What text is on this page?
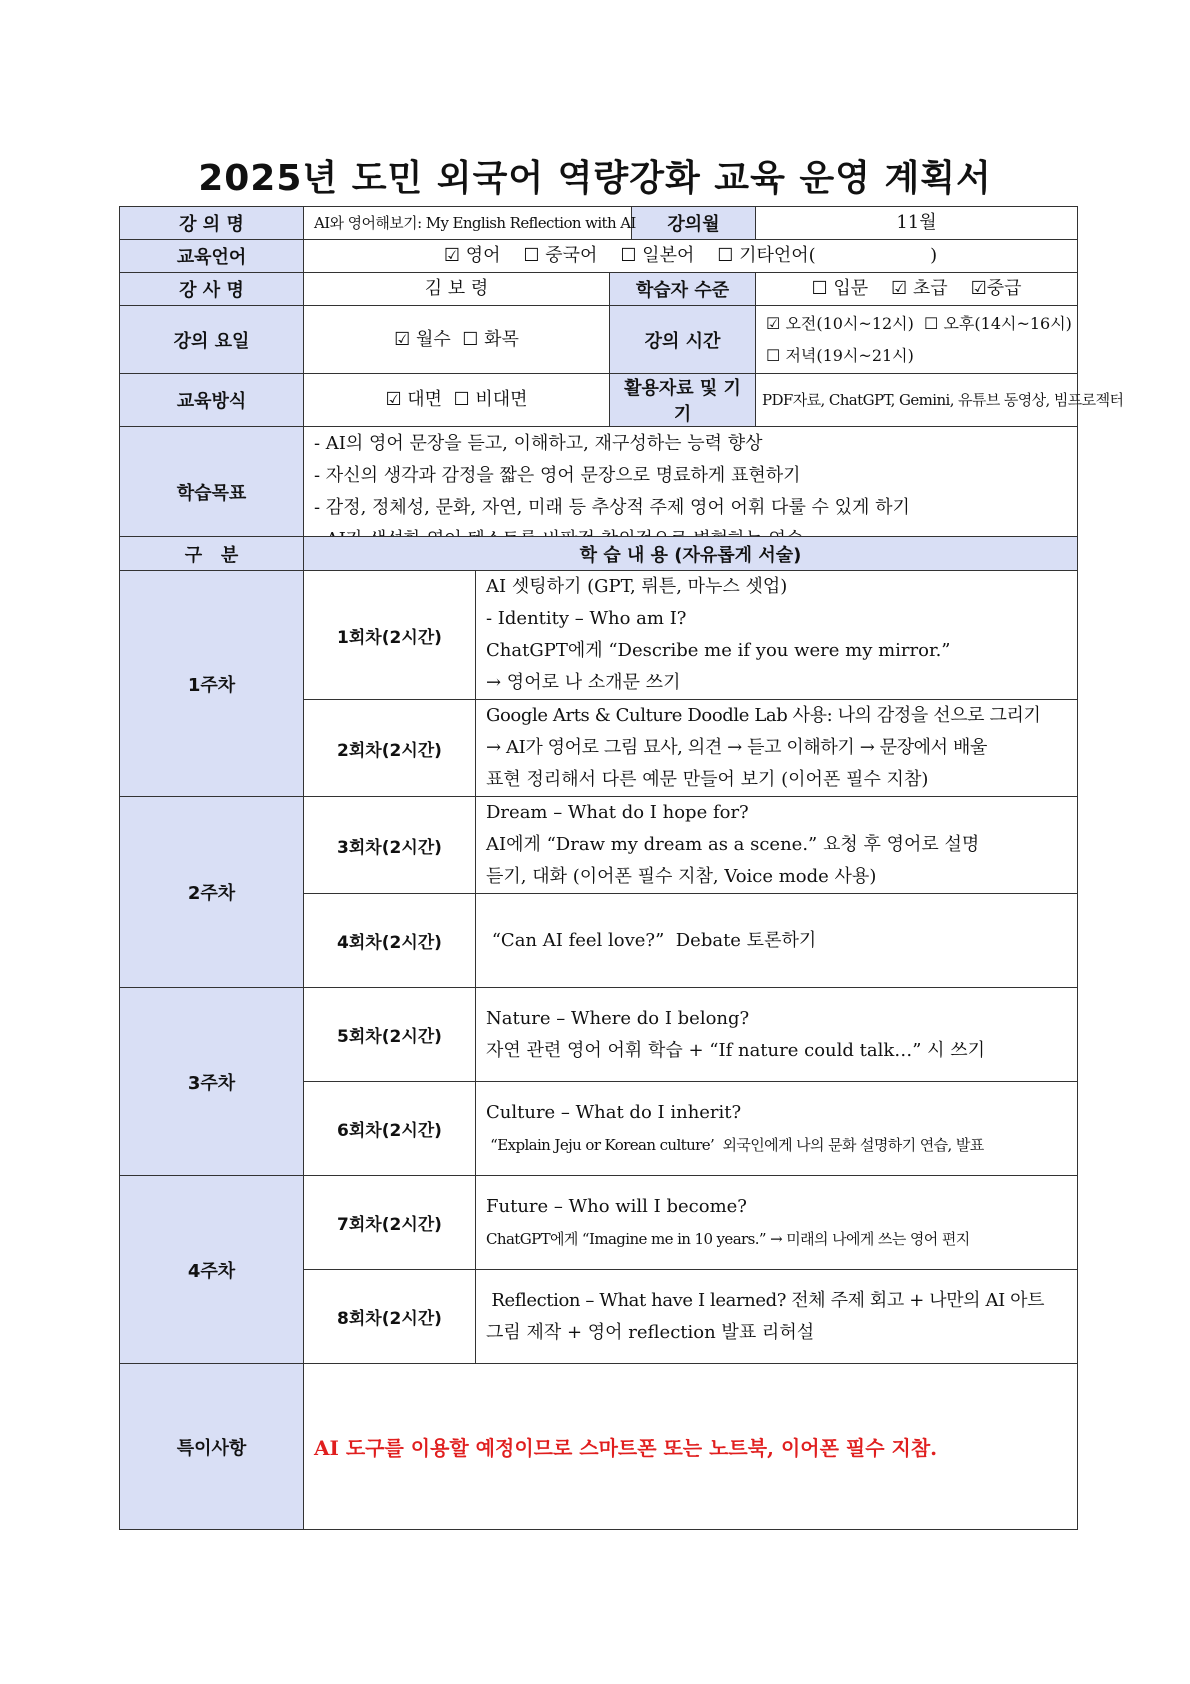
2025년 도민 외국어 역량강화 교육 운영 계획서
강 의 명	AI와 영어해보기: My English Reflection with AI		강의월	11월
교육언어	☑ 영어    ☐ 중국어    ☐ 일본어    ☐ 기타언어(                    )			
강 사 명	김 보 령	학습자 수준		☐ 입문    ☑ 초급    ☑중급
강의 요일	☑ 월수  ☐ 화목	강의 시간		☑ 오전(10시~12시)  ☐ 오후(14시~16시)
☐ 저녁(19시~21시)

교육방식	☑ 대면  ☐ 비대면	활용자료 및 기기		PDF자료, ChatGPT, Gemini, 유튜브 동영상, 빔프로젝터
학습목표	- AI의 영어 문장을 듣고, 이해하고, 재구성하는 능력 향상
- 자신의 생각과 감정을 짧은 영어 문장으로 명료하게 표현하기
- 감정, 정체성, 문화, 자연, 미래 등 추상적 주제 영어 어휘 다룰 수 있게 하기			
구   분	학 습 내 용 (자유롭게 서술)	
1주차	1회차(2시간)	AI 셋팅하기 (GPT, 뤼튼, 마누스 셋업)
- Identity – Who am I?
ChatGPT에게 “Describe me if you were my mirror.”
→ 영어로 나 소개문 쓰기

	2회차(2시간)	Google Arts & Culture Doodle Lab 사용: 나의 감정을 선으로 그리기
→ AI가 영어로 그림 묘사, 의견 → 듣고 이해하기 → 문장에서 배울
표현 정리해서 다른 예문 만들어 보기 (이어폰 필수 지참)

2주차	3회차(2시간)	Dream – What do I hope for?
AI에게 “Draw my dream as a scene.” 요청 후 영어로 설명
듣기, 대화 (이어폰 필수 지참, Voice mode 사용)

	4회차(2시간)	“Can AI feel love?”  Debate 토론하기

3주차	5회차(2시간)	Nature – Where do I belong?
자연 관련 영어 어휘 학습 + “If nature could talk…” 시 쓰기

	6회차(2시간)	Culture – What do I inherit?
“Explain Jeju or Korean culture’  외국인에게 나의 문화 설명하기 연습, 발표

4주차	7회차(2시간)	Future – Who will I become?
ChatGPT에게 “Imagine me in 10 years.” → 미래의 나에게 쓰는 영어 편지

	8회차(2시간)	Reflection – What have I learned? 전체 주제 회고 + 나만의 AI 아트
그림 제작 + 영어 reflection 발표 리허설

특이사항	AI 도구를 이용할 예정이므로 스마트폰 또는 노트북, 이어폰 필수 지참.	
